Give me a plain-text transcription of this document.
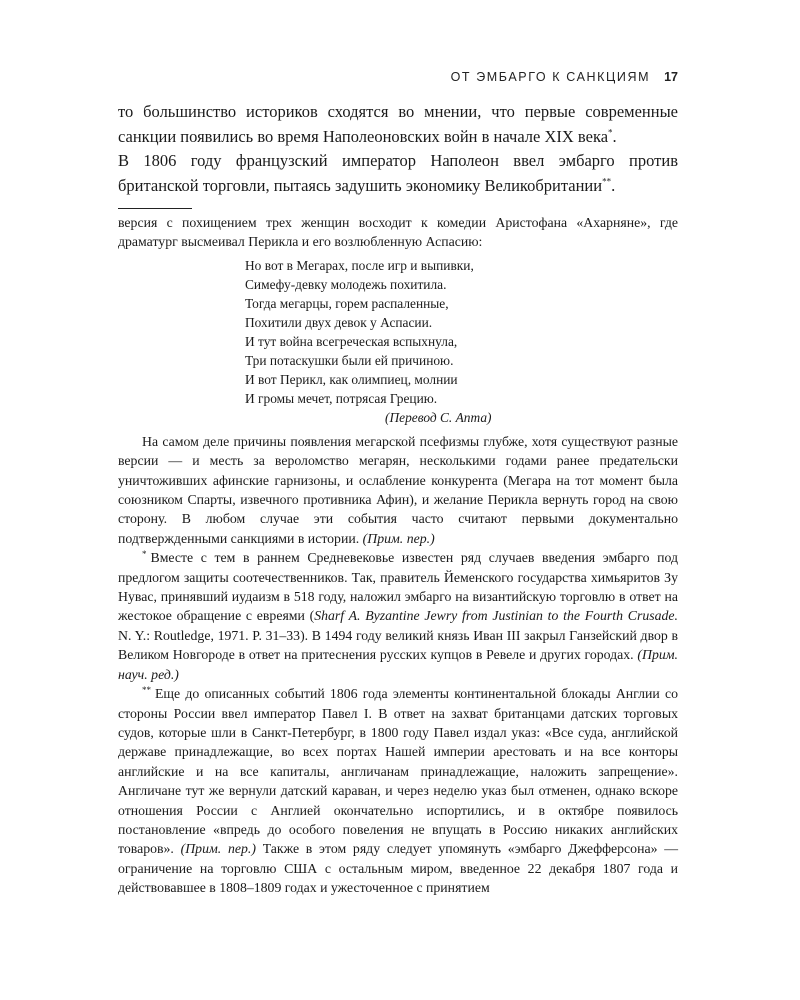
ОТ ЭМБАРГО К САНКЦИЯМ 17

то большинство историков сходятся во мнении, что первые современные санкции появились во время Наполеоновских войн в начале XIX века*.

В 1806 году французский император Наполеон ввел эмбарго против британской торговли, пытаясь задушить экономику Великобритании**.

версия с похищением трех женщин восходит к комедии Аристофана «Ахарняне», где драматург высмеивал Перикла и его возлюбленную Аспасию:

Но вот в Мегарах, после игр и выпивки,
Симефу-девку молодежь похитила.
Тогда мегарцы, горем распаленные,
Похитили двух девок у Аспасии.
И тут война всегреческая вспыхнула,
Три потаскушки были ей причиною.
И вот Перикл, как олимпиец, молнии
И громы мечет, потрясая Грецию.
(Перевод С. Апта)

На самом деле причины появления мегарской псефизмы глубже, хотя существуют разные версии — и месть за вероломство мегарян, несколькими годами ранее предательски уничтоживших афинские гарнизоны, и ослабление конкурента (Мегара на тот момент была союзником Спарты, извечного противника Афин), и желание Перикла вернуть город на свою сторону. В любом случае эти события часто считают первыми документально подтвержденными санкциями в истории. (Прим. пер.)

* Вместе с тем в раннем Средневековье известен ряд случаев введения эмбарго под предлогом защиты соотечественников. Так, правитель Йеменского государства химьяритов Зу Нувас, принявший иудаизм в 518 году, наложил эмбарго на византийскую торговлю в ответ на жестокое обращение с евреями (Sharf A. Byzantine Jewry from Justinian to the Fourth Crusade. N. Y.: Routledge, 1971. P. 31–33). В 1494 году великий князь Иван III закрыл Ганзейский двор в Великом Новгороде в ответ на притеснения русских купцов в Ревеле и других городах. (Прим. науч. ред.)

** Еще до описанных событий 1806 года элементы континентальной блокады Англии со стороны России ввел император Павел I. В ответ на захват британцами датских торговых судов, которые шли в Санкт-Петербург, в 1800 году Павел издал указ: «Все суда, английской державе принадлежащие, во всех портах Нашей империи арестовать и на все конторы английские и на все капиталы, англичанам принадлежащие, наложить запрещение». Англичане тут же вернули датский караван, и через неделю указ был отменен, однако вскоре отношения России с Англией окончательно испортились, и в октябре появилось постановление «впредь до особого повеления не впущать в Россию никаких английских товаров». (Прим. пер.) Также в этом ряду следует упомянуть «эмбарго Джефферсона» — ограничение на торговлю США с остальным миром, введенное 22 декабря 1807 года и действовавшее в 1808–1809 годах и ужесточенное с принятием
